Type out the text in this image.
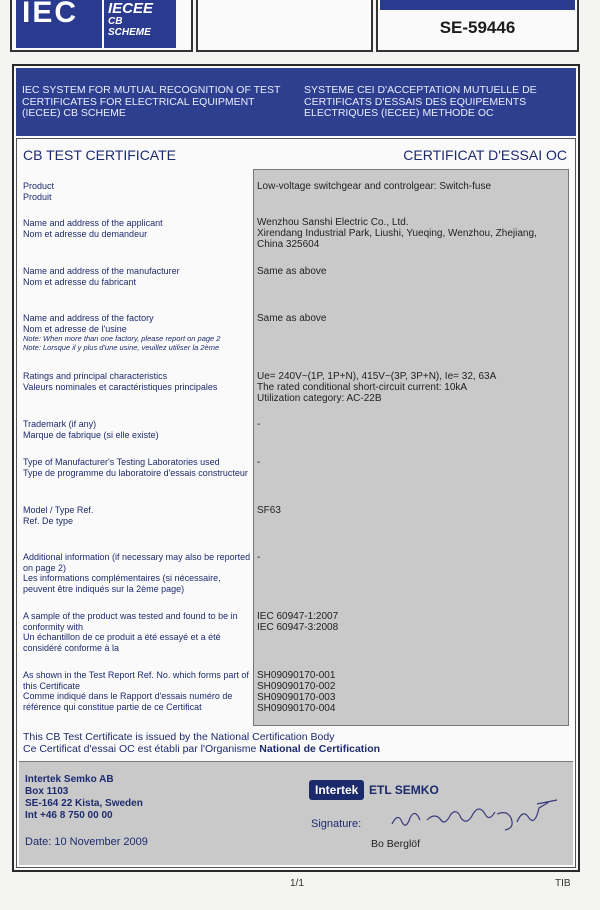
IEC	IECEE
CB
SCHEME	SE-59446
IEC SYSTEM FOR MUTUAL RECOGNITION OF TEST CERTIFICATES FOR ELECTRICAL EQUIPMENT (IECEE) CB SCHEME
SYSTEME CEI D'ACCEPTATION MUTUELLE DE CERTIFICATS D'ESSAIS DES EQUIPEMENTS ELECTRIQUES (IECEE) METHODE OC
CB TEST CERTIFICATE	CERTIFICAT D'ESSAI OC
Product
Produit
Low-voltage switchgear and controlgear: Switch-fuse
Name and address of the applicant
Nom et adresse du demandeur
Wenzhou Sanshi Electric Co., Ltd.
Xirendang Industrial Park, Liushi, Yueqing, Wenzhou, Zhejiang,
China 325604
Name and address of the manufacturer
Nom et adresse du fabricant
Same as above
Name and address of the factory
Nom et adresse de l'usine
Note: When more than one factory, please report on page 2
Note: Lorsque il y plus d'une usine, veuillez utiliser la 2ème
Same as above
Ratings and principal characteristics
Valeurs nominales et caractéristiques principales
Ue= 240V~(1P, 1P+N), 415V~(3P, 3P+N), Ie= 32, 63A
The rated conditional short-circuit current: 10kA
Utilization category: AC-22B
Trademark (if any)
Marque de fabrique (si elle existe)
-
Type of Manufacturer's Testing Laboratories used
Type de programme du laboratoire d'essais constructeur
-
Model / Type Ref.
Ref. De type
SF63
Additional information (if necessary may also be reported on page 2)
Les informations complémentaires (si nécessaire, peuvent être indiqués sur la 2ème page)
-
A sample of the product was tested and found to be in conformity with
Un échantillon de ce produit a été essayé et a été considéré conforme à la
IEC 60947-1:2007
IEC 60947-3:2008
As shown in the Test Report Ref. No. which forms part of this Certificate
Comme indiqué dans le Rapport d'essais numéro de référence qui constitue partie de ce Certificat
SH09090170-001
SH09090170-002
SH09090170-003
SH09090170-004
This CB Test Certificate is issued by the National Certification Body
Ce Certificat d'essai OC est établi par l'Organisme National de Certification
Intertek Semko AB
Box 1103
SE-164 22 Kista, Sweden
Int +46 8 750 00 00
Date: 10 November 2009
Intertek ETL SEMKO
Signature:
Bo Berglöf
1/1	TIB
